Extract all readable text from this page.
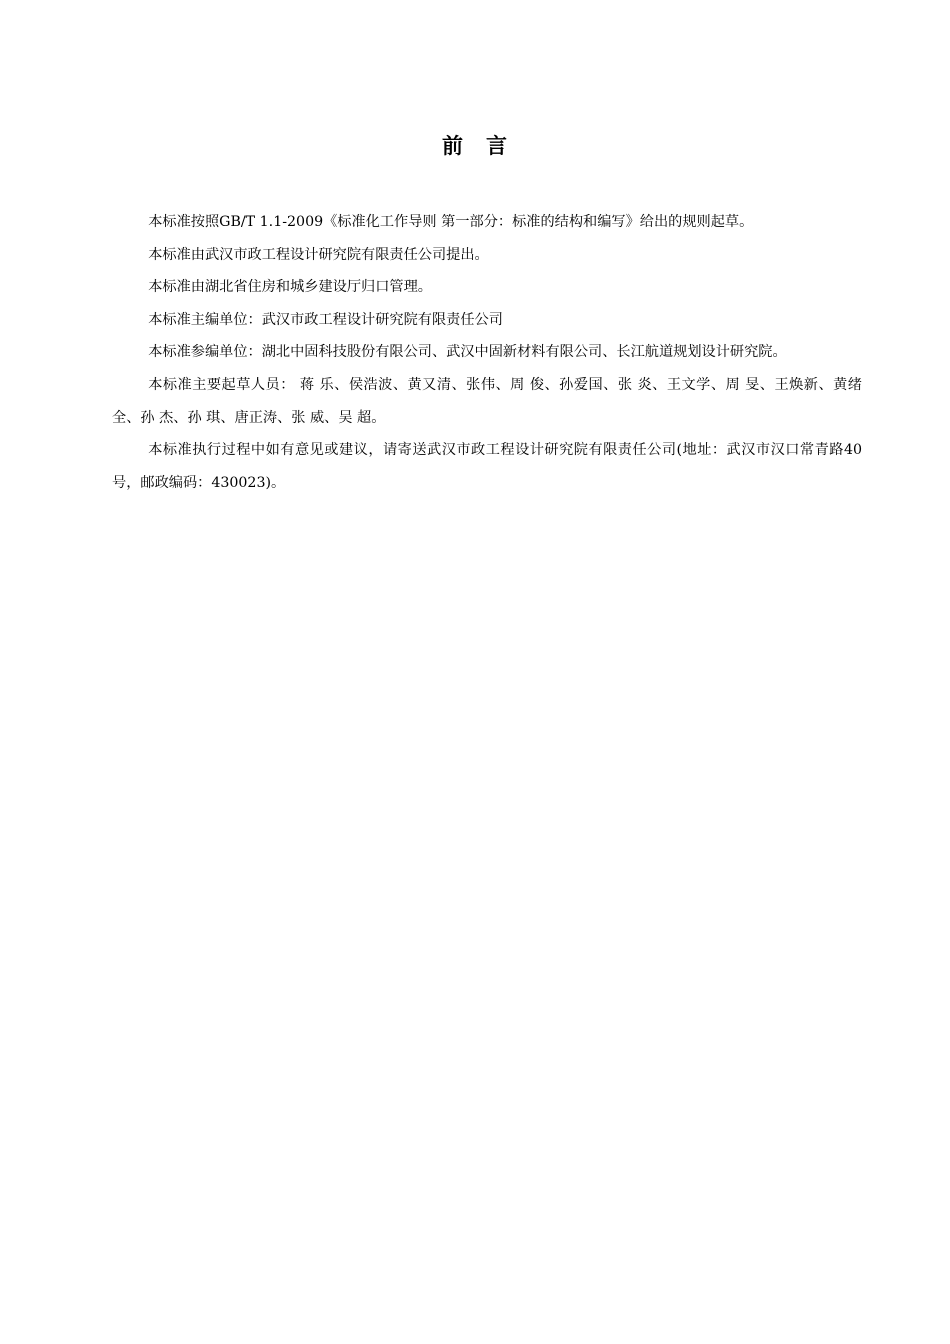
前 言

本标准按照GB/T 1.1-2009《标准化工作导则 第一部分：标准的结构和编写》给出的规则起草。

本标准由武汉市政工程设计研究院有限责任公司提出。

本标准由湖北省住房和城乡建设厅归口管理。

本标准主编单位：武汉市政工程设计研究院有限责任公司

本标准参编单位：湖北中固科技股份有限公司、武汉中固新材料有限公司、长江航道规划设计研究院。

本标准主要起草人员： 蒋 乐、侯浩波、黄又清、张伟、周 俊、孙爱国、张 炎、王文学、周 旻、王焕新、黄绪全、孙 杰、孙 琪、唐正涛、张 威、吴 超。

本标准执行过程中如有意见或建议，请寄送武汉市政工程设计研究院有限责任公司(地址：武汉市汉口常青路40号，邮政编码：430023)。
